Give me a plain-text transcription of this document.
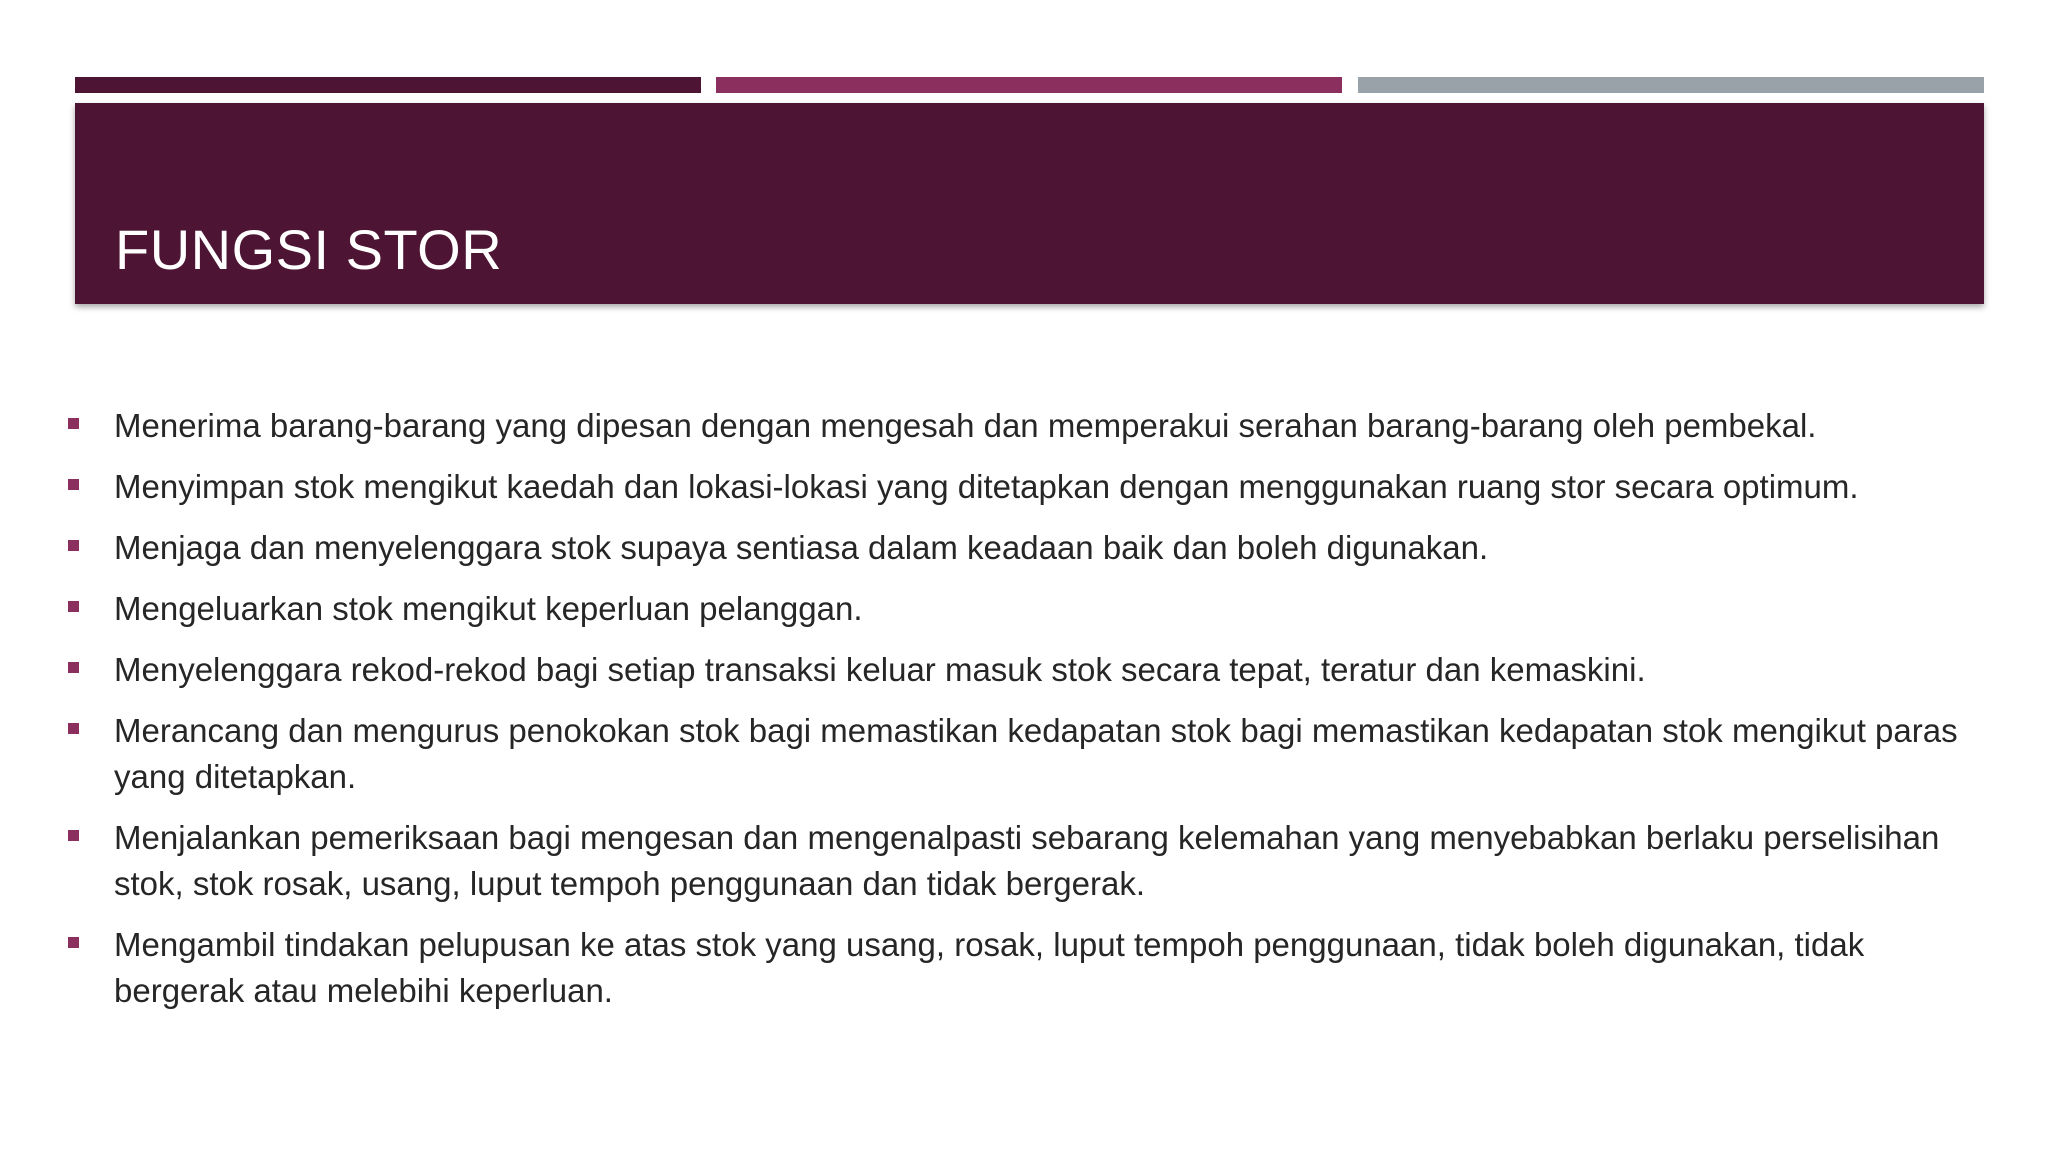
FUNGSI STOR
Menerima barang-barang yang dipesan dengan mengesah dan memperakui serahan barang-barang oleh pembekal.
Menyimpan stok mengikut kaedah dan lokasi-lokasi yang ditetapkan dengan menggunakan ruang stor secara optimum.
Menjaga dan menyelenggara stok supaya sentiasa dalam keadaan baik dan boleh digunakan.
Mengeluarkan stok mengikut keperluan pelanggan.
Menyelenggara rekod-rekod bagi setiap transaksi keluar masuk stok secara tepat, teratur dan kemaskini.
Merancang dan mengurus penokokan stok bagi memastikan kedapatan stok bagi memastikan kedapatan stok mengikut paras yang ditetapkan.
Menjalankan pemeriksaan bagi mengesan dan mengenalpasti sebarang kelemahan yang menyebabkan berlaku perselisihan stok, stok rosak, usang, luput tempoh penggunaan dan tidak bergerak.
Mengambil tindakan pelupusan ke atas stok yang usang, rosak, luput tempoh penggunaan, tidak boleh digunakan, tidak bergerak atau melebihi keperluan.
